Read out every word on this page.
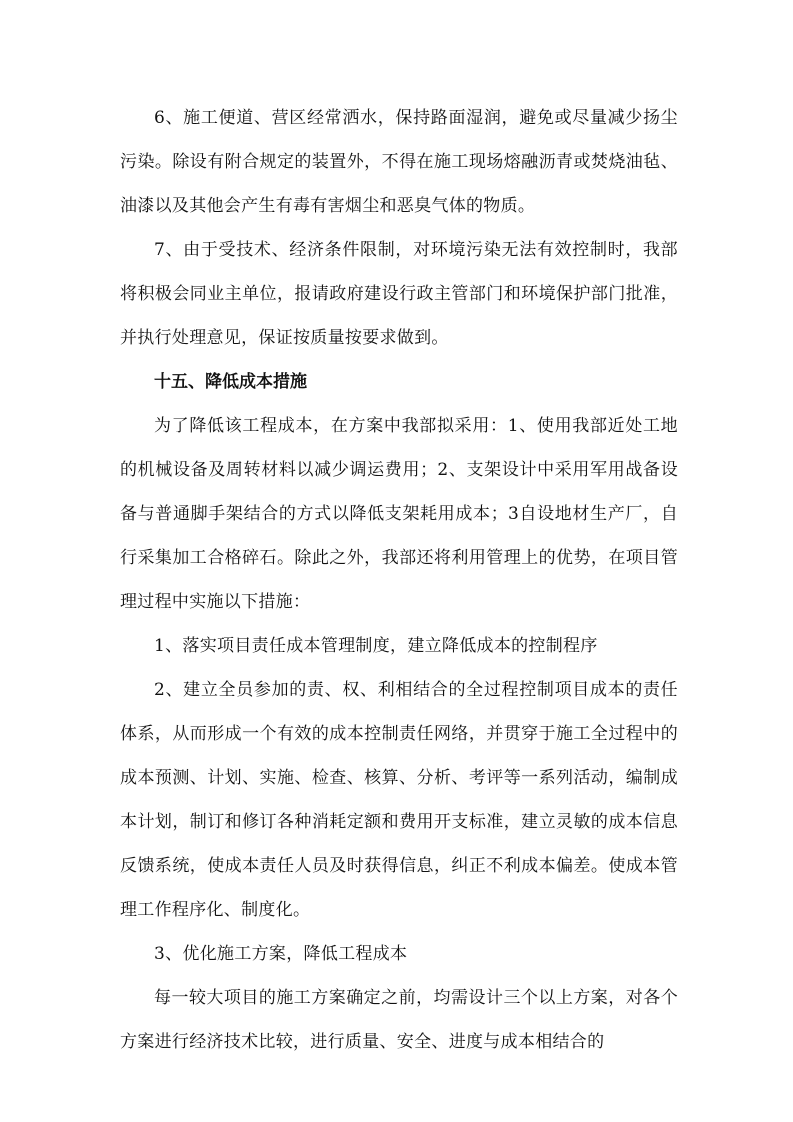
6、施工便道、营区经常洒水，保持路面湿润，避免或尽量减少扬尘污染。除设有附合规定的装置外，不得在施工现场熔融沥青或焚烧油毡、油漆以及其他会产生有毒有害烟尘和恶臭气体的物质。

7、由于受技术、经济条件限制，对环境污染无法有效控制时，我部将积极会同业主单位，报请政府建设行政主管部门和环境保护部门批准，并执行处理意见，保证按质量按要求做到。

十五、降低成本措施

为了降低该工程成本，在方案中我部拟采用：1、使用我部近处工地的机械设备及周转材料以减少调运费用；2、支架设计中采用军用战备设备与普通脚手架结合的方式以降低支架耗用成本；3自设地材生产厂，自行采集加工合格碎石。除此之外，我部还将利用管理上的优势，在项目管理过程中实施以下措施：

1、落实项目责任成本管理制度，建立降低成本的控制程序

2、建立全员参加的责、权、利相结合的全过程控制项目成本的责任体系，从而形成一个有效的成本控制责任网络，并贯穿于施工全过程中的成本预测、计划、实施、检查、核算、分析、考评等一系列活动，编制成本计划，制订和修订各种消耗定额和费用开支标准，建立灵敏的成本信息反馈系统，使成本责任人员及时获得信息，纠正不利成本偏差。使成本管理工作程序化、制度化。

3、优化施工方案，降低工程成本

每一较大项目的施工方案确定之前，均需设计三个以上方案，对各个方案进行经济技术比较，进行质量、安全、进度与成本相结合的
